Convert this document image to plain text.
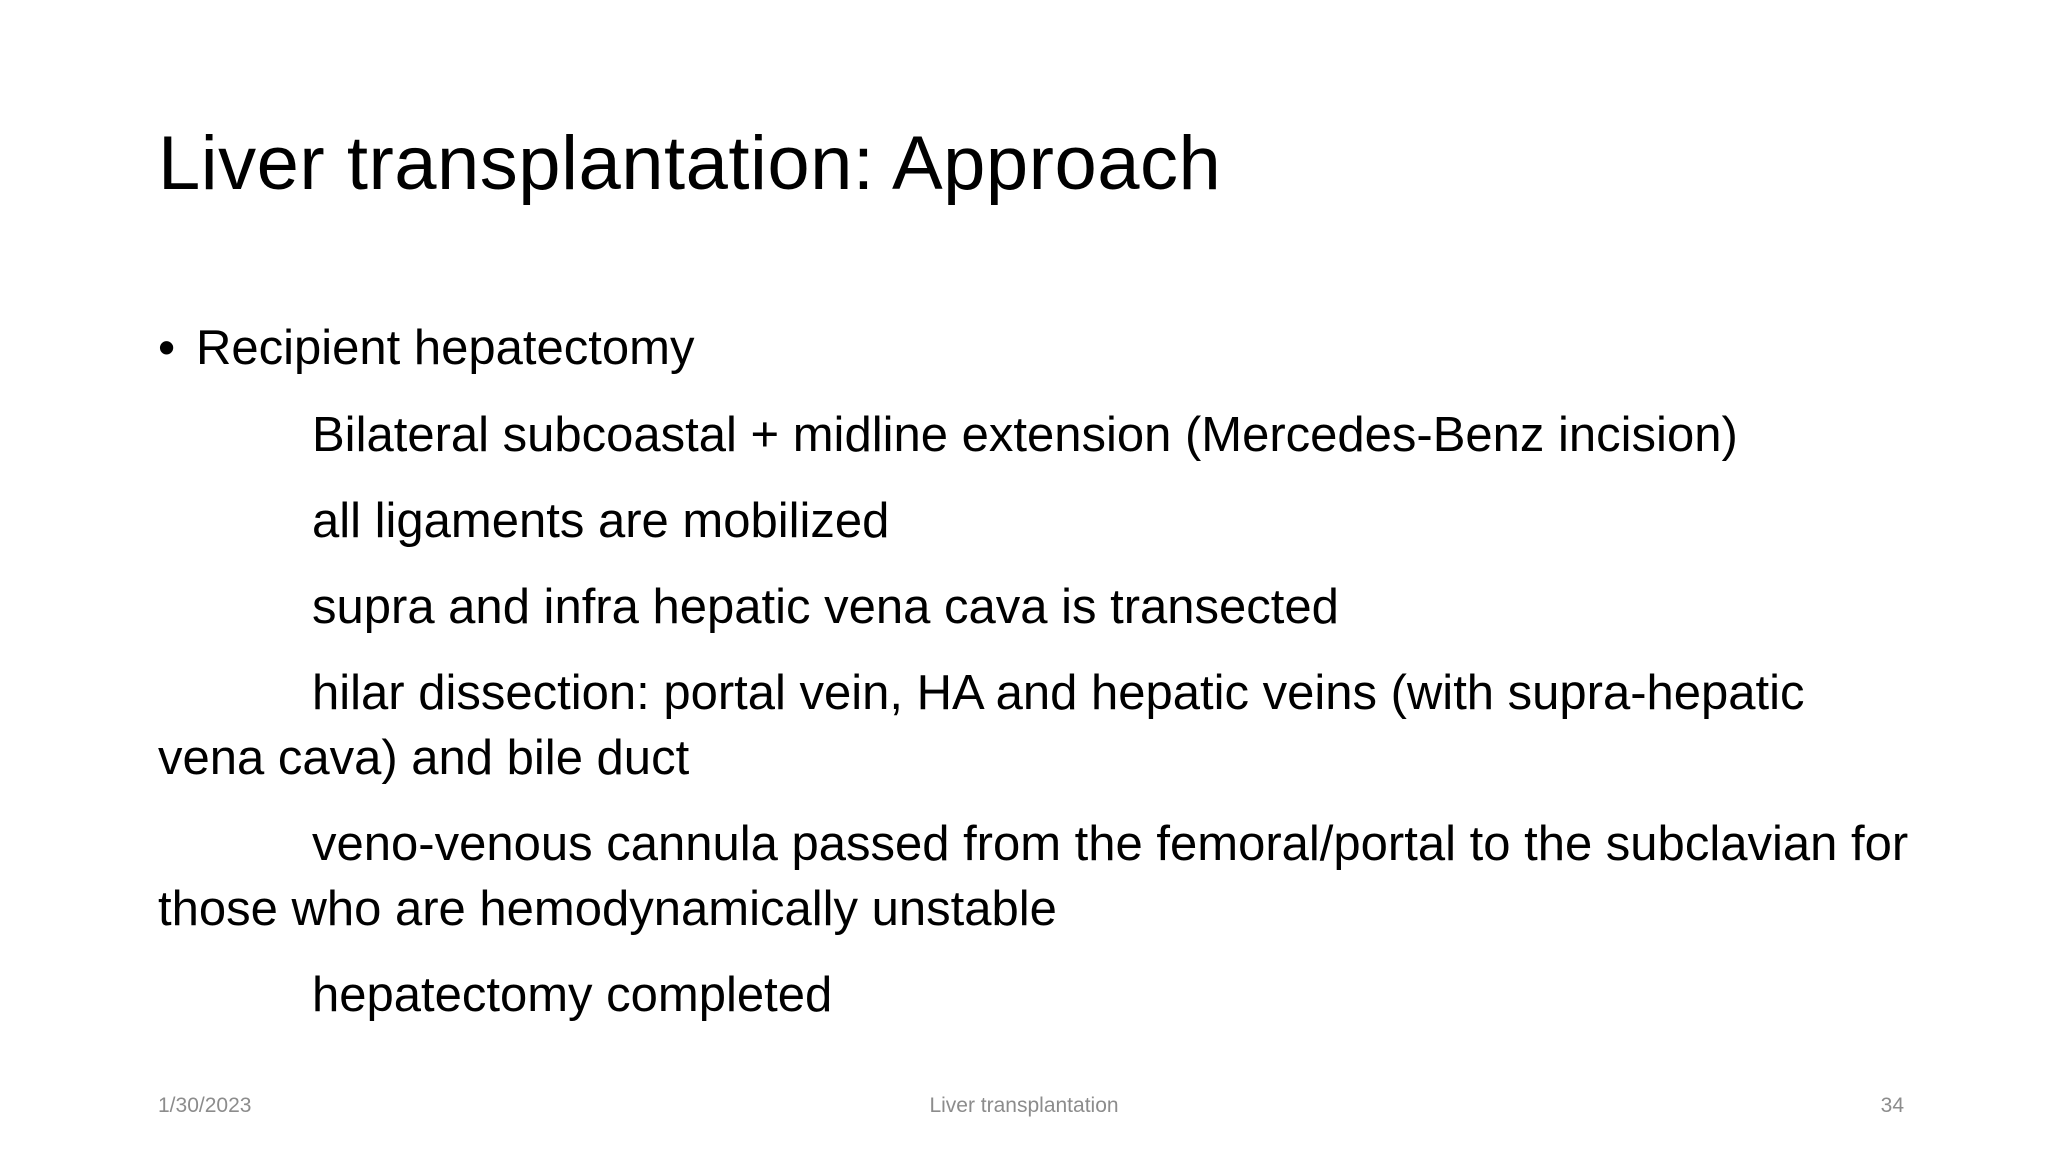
Liver transplantation: Approach
• Recipient hepatectomy

Bilateral subcoastal + midline extension (Mercedes-Benz incision)

all ligaments are mobilized

supra and infra hepatic vena cava is transected

hilar dissection: portal vein, HA and hepatic veins (with supra-hepatic vena cava) and bile duct

veno-venous cannula passed from the femoral/portal to the subclavian for those who are hemodynamically unstable

hepatectomy completed

1/30/2023	Liver transplantation	34
